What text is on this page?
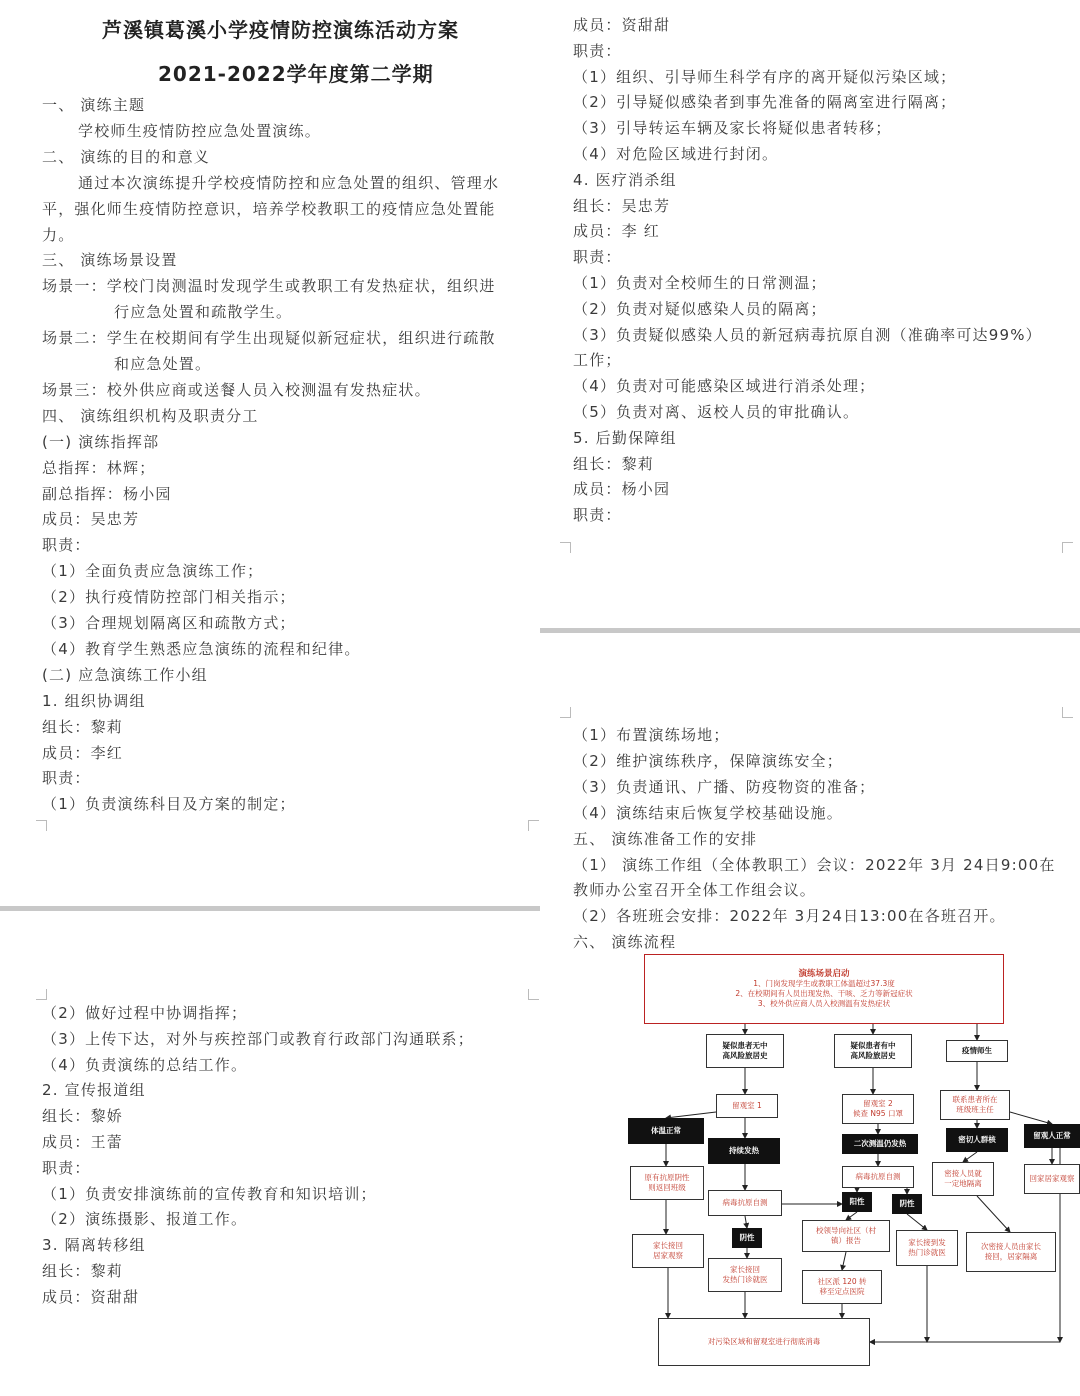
芦溪镇葛溪小学疫情防控演练活动方案
2021-2022学年度第二学期
一、 演练主题
学校师生疫情防控应急处置演练。
二、 演练的目的和意义
通过本次演练提升学校疫情防控和应急处置的组织、管理水
平，强化师生疫情防控意识，培养学校教职工的疫情应急处置能
力。
三、 演练场景设置
场景一：学校门岗测温时发现学生或教职工有发热症状，组织进
行应急处置和疏散学生。
场景二：学生在校期间有学生出现疑似新冠症状，组织进行疏散
和应急处置。
场景三：校外供应商或送餐人员入校测温有发热症状。
四、 演练组织机构及职责分工
(一) 演练指挥部
总指挥：林辉；
副总指挥：杨小园
成员：吴忠芳
职责：
（1）全面负责应急演练工作；
（2）执行疫情防控部门相关指示；
（3）合理规划隔离区和疏散方式；
（4）教育学生熟悉应急演练的流程和纪律。
(二) 应急演练工作小组
1. 组织协调组
组长：黎莉
成员：李红
职责：
（1）负责演练科目及方案的制定；
成员：资甜甜
职责：
（1）组织、引导师生科学有序的离开疑似污染区域；
（2）引导疑似感染者到事先准备的隔离室进行隔离；
（3）引导转运车辆及家长将疑似患者转移；
（4）对危险区域进行封闭。
4. 医疗消杀组
组长：吴忠芳
成员：李 红
职责：
（1）负责对全校师生的日常测温；
（2）负责对疑似感染人员的隔离；
（3）负责疑似感染人员的新冠病毒抗原自测（准确率可达99%）
工作；
（4）负责对可能感染区域进行消杀处理；
（5）负责对离、返校人员的审批确认。
5. 后勤保障组
组长：黎莉
成员：杨小园
职责：
（2）做好过程中协调指挥；
（3）上传下达，对外与疾控部门或教育行政部门沟通联系；
（4）负责演练的总结工作。
2. 宣传报道组
组长：黎娇
成员：王蕾
职责：
（1）负责安排演练前的宣传教育和知识培训；
（2）演练摄影、报道工作。
3. 隔离转移组
组长：黎莉
成员：资甜甜
（1）布置演练场地；
（2）维护演练秩序，保障演练安全；
（3）负责通讯、广播、防疫物资的准备；
（4）演练结束后恢复学校基础设施。
五、 演练准备工作的安排
（1） 演练工作组（全体教职工）会议：2022年 3月 24日9:00在
教师办公室召开全体工作组会议。
（2）各班班会安排：2022年 3月24日13:00在各班召开。
六、 演练流程
演练场景启动
1、门岗发现学生或教职工体温超过37.3度
2、在校期间有人员出现发热、干咳、乏力等新冠症状
3、校外供应商人员入校测温有发热症状
疑似患者无中
高风险旅居史
疑似患者有中
高风险旅居史
疫情师生
留观室 1	留观室 2
候查 N95 口罩
联系患者所在
班级班主任
体温正常
持续发热
二次测温仍发热	密切人群核	留观人正常
原有抗原阴性
则返回班级
病毒抗原自测
病毒抗原自测	密接人员就
一定地隔离
回家居家观察
阳性
阴性
阴性
家长接回
居家观察
家长接回
发热门诊就医
校领导向社区（村
镇）报告	家长接到发
热门诊就医
次密接人员由家长
接回，居家隔离
社区派 120 转
移至定点医院
对污染区域和留观室进行彻底消毒
